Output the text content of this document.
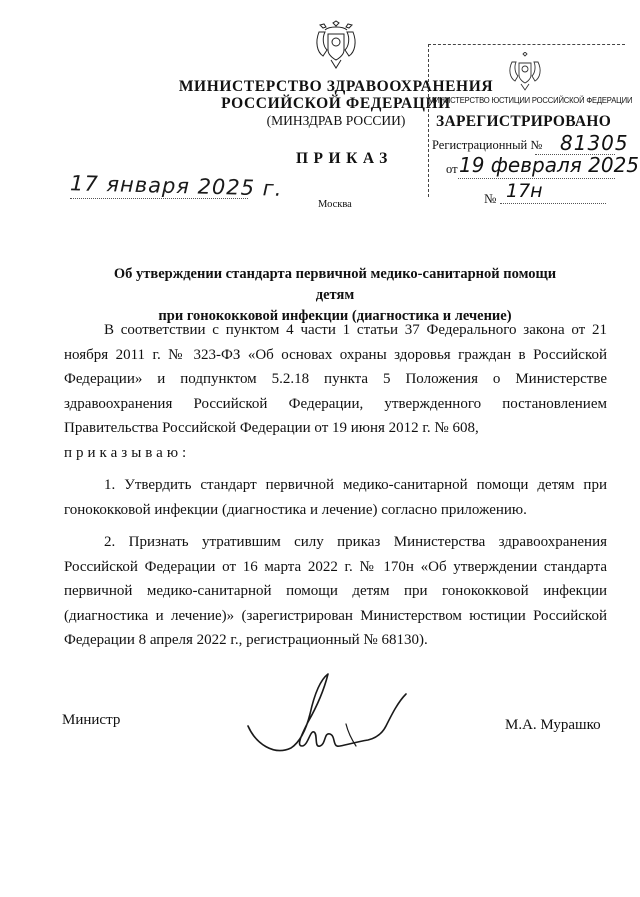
МИНИСТЕРСТВО ЗДРАВООХРАНЕНИЯ
РОССИЙСКОЙ ФЕДЕРАЦИИ
(МИНЗДРАВ РОССИИ)
ПРИКАЗ
17 января 2025 г.
Москва	№ 17н
МИНИСТЕРСТВО ЮСТИЦИИ РОССИЙСКОЙ ФЕДЕРАЦИИ
ЗАРЕГИСТРИРОВАНО
Регистрационный № 81305
от 19 февраля 2025
Об утверждении стандарта первичной медико-санитарной помощи детям
при гонококковой инфекции (диагностика и лечение)

В соответствии с пунктом 4 части 1 статьи 37 Федерального закона от 21 ноября 2011 г. № 323-ФЗ «Об основах охраны здоровья граждан в Российской Федерации» и подпунктом 5.2.18 пункта 5 Положения о Министерстве здравоохранения Российской Федерации, утвержденного постановлением Правительства Российской Федерации от 19 июня 2012 г. № 608,

приказываю:

1. Утвердить стандарт первичной медико-санитарной помощи детям при гонококковой инфекции (диагностика и лечение) согласно приложению.

2. Признать утратившим силу приказ Министерства здравоохранения Российской Федерации от 16 марта 2022 г. № 170н «Об утверждении стандарта первичной медико-санитарной помощи детям при гонококковой инфекции (диагностика и лечение)» (зарегистрирован Министерством юстиции Российской Федерации 8 апреля 2022 г., регистрационный № 68130).

Министр	М.А. Мурашко
